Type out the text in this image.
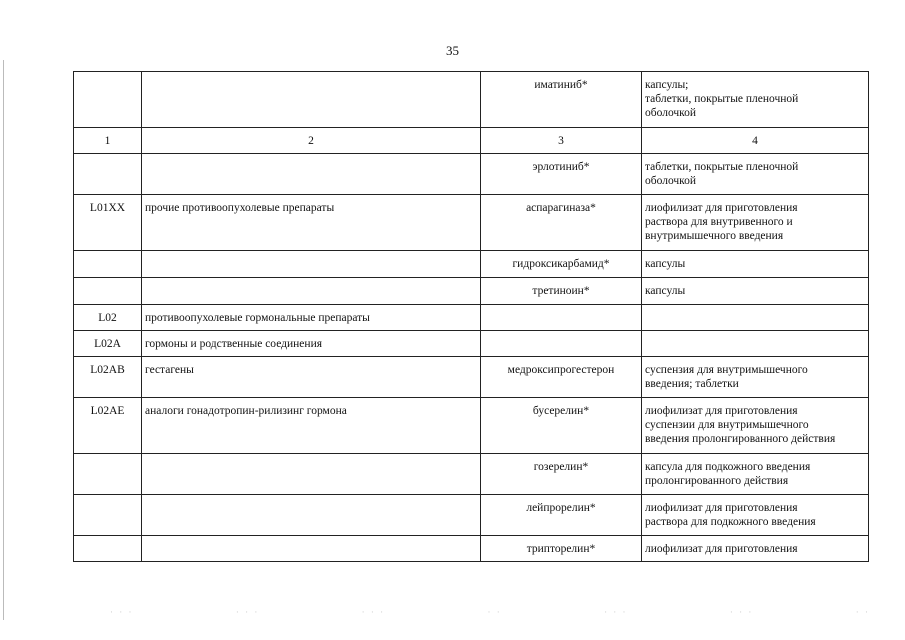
35
		иматиниб*	капсулы;
таблетки, покрытые пленочной
оболочкой

1	2	3	4
		эрлотиниб*	таблетки, покрытые пленочной
оболочкой

L01XX	прочие противоопухолевые препараты	аспарагиназа*	лиофилизат для приготовления
раствора для внутривенного и
внутримышечного введения

		гидроксикарбамид*	капсулы

		третиноин*	капсулы

L02	противоопухолевые гормональные препараты		
L02A	гормоны и родственные соединения		
L02AB	гестагены	медроксипрогестерон	суспензия для внутримышечного
введения; таблетки

L02AE	аналоги гонадотропин-рилизинг гормона	бусерелин*	лиофилизат для приготовления
суспензии для внутримышечного
введения пролонгированного действия

		гозерелин*	капсула для подкожного введения
пролонгированного действия

		лейпрорелин*	лиофилизат для приготовления
раствора для подкожного введения

		трипторелин*	лиофилизат для приготовления
· · ·	· · ·	· · ·	· ·	· · ·	· · ·	· ·
